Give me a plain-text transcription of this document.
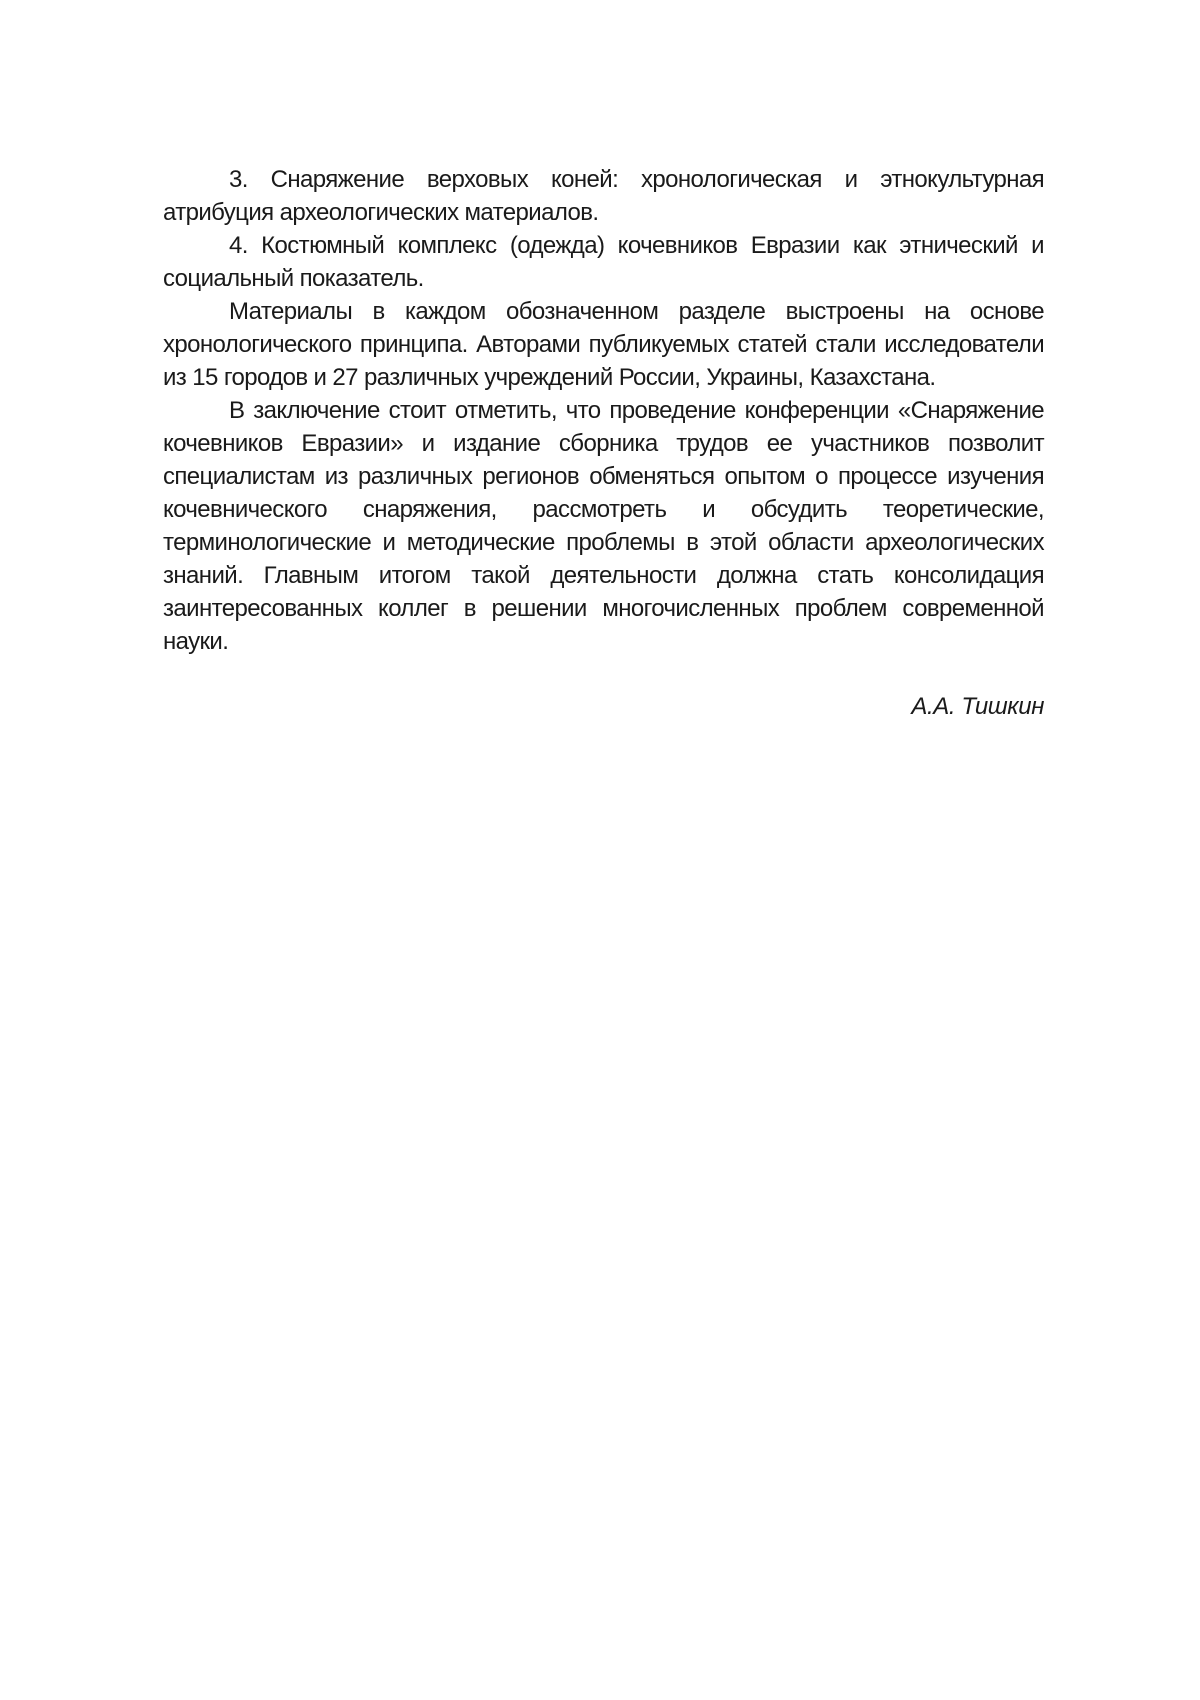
3. Снаряжение верховых коней: хронологическая и этнокультурная атрибуция археологических материалов.

4. Костюмный комплекс (одежда) кочевников Евразии как этнический и социальный показатель.

Материалы в каждом обозначенном разделе выстроены на основе хронологического принципа. Авторами публикуемых статей стали исследователи из 15 городов и 27 различных учреждений России, Украины, Казахстана.

В заключение стоит отметить, что проведение конференции «Снаряжение кочевников Евразии» и издание сборника трудов ее участников позволит специалистам из различных регионов обменяться опытом о процессе изучения кочевнического снаряжения, рассмотреть и обсудить теоретические, терминологические и методические проблемы в этой области археологических знаний. Главным итогом такой деятельности должна стать консолидация заинтересованных коллег в решении многочисленных проблем современной науки.

А.А. Тишкин
